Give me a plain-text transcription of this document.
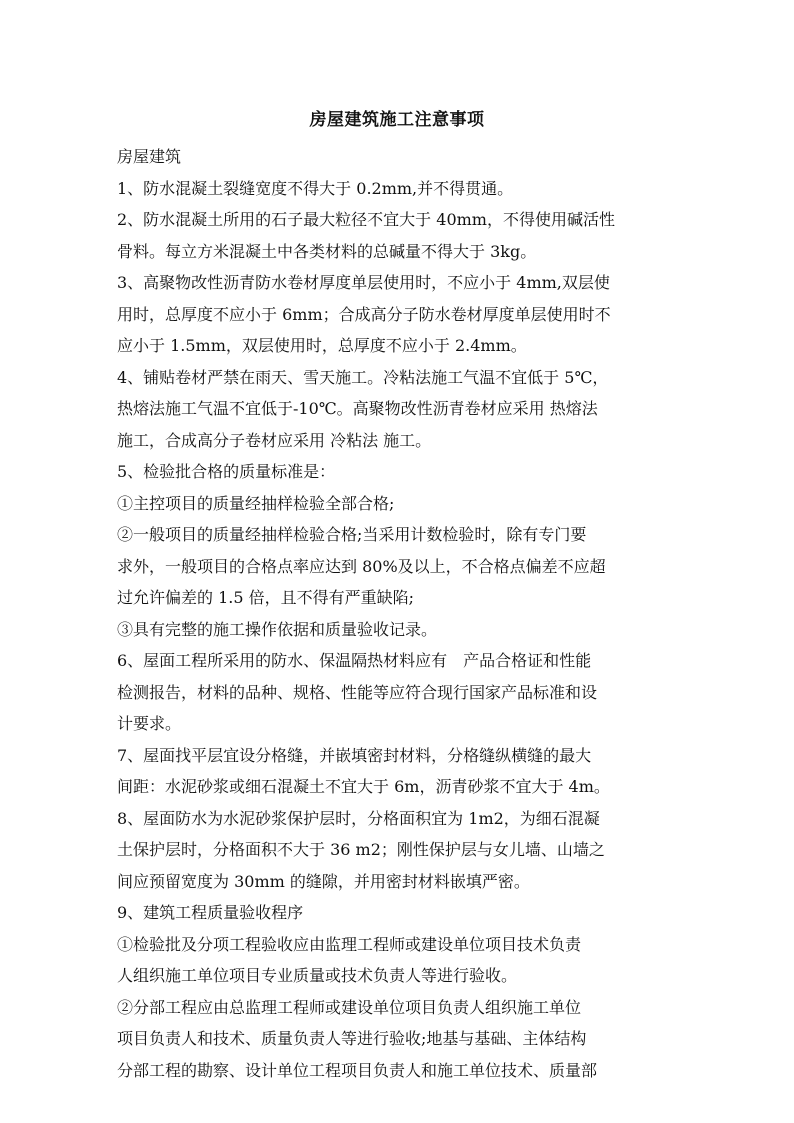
房屋建筑施工注意事项
房屋建筑
1、防水混凝土裂缝宽度不得大于 0.2mm,并不得贯通。
2、防水混凝土所用的石子最大粒径不宜大于 40mm，不得使用碱活性
骨料。每立方米混凝土中各类材料的总碱量不得大于 3kg。
3、高聚物改性沥青防水卷材厚度单层使用时，不应小于 4mm,双层使
用时，总厚度不应小于 6mm；合成高分子防水卷材厚度单层使用时不
应小于 1.5mm，双层使用时，总厚度不应小于 2.4mm。
4、铺贴卷材严禁在雨天、雪天施工。冷粘法施工气温不宜低于 5℃，
热熔法施工气温不宜低于-10℃。高聚物改性沥青卷材应采用 热熔法
施工，合成高分子卷材应采用 冷粘法 施工。
5、检验批合格的质量标准是：
①主控项目的质量经抽样检验全部合格;
②一般项目的质量经抽样检验合格;当采用计数检验时，除有专门要
求外，一般项目的合格点率应达到 80%及以上，不合格点偏差不应超
过允许偏差的 1.5 倍，且不得有严重缺陷;
③具有完整的施工操作依据和质量验收记录。
6、屋面工程所采用的防水、保温隔热材料应有　产品合格证和性能
检测报告，材料的品种、规格、性能等应符合现行国家产品标准和设
计要求。
7、屋面找平层宜设分格缝，并嵌填密封材料，分格缝纵横缝的最大
间距：水泥砂浆或细石混凝土不宜大于 6m，沥青砂浆不宜大于 4m。
8、屋面防水为水泥砂浆保护层时，分格面积宜为 1m2，为细石混凝
土保护层时，分格面积不大于 36 m2；刚性保护层与女儿墙、山墙之
间应预留宽度为 30mm 的缝隙，并用密封材料嵌填严密。
9、建筑工程质量验收程序
①检验批及分项工程验收应由监理工程师或建设单位项目技术负责
人组织施工单位项目专业质量或技术负责人等进行验收。
②分部工程应由总监理工程师或建设单位项目负责人组织施工单位
项目负责人和技术、质量负责人等进行验收;地基与基础、主体结构
分部工程的勘察、设计单位工程项目负责人和施工单位技术、质量部
